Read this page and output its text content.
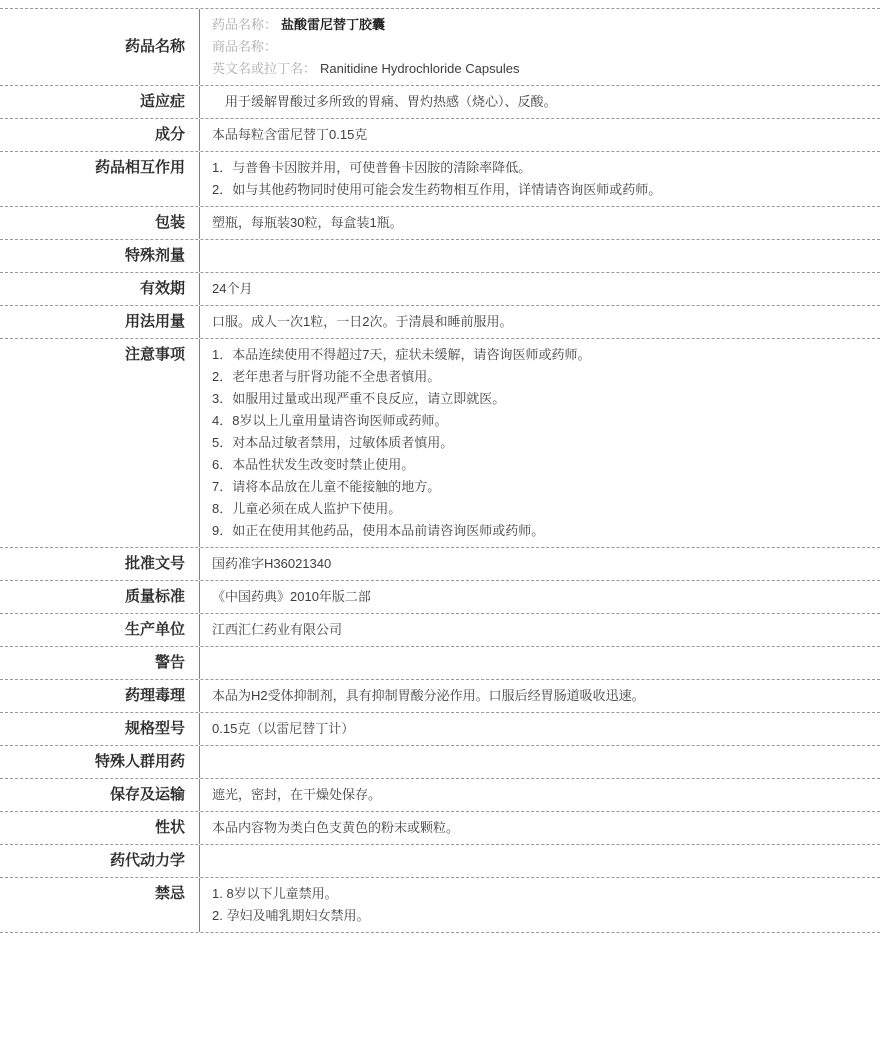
药品名称
药品名称： 盐酸雷尼替丁胶囊
商品名称：
英文名或拉丁名： Ranitidine Hydrochloride Capsules
适应症 　用于缓解胃酸过多所致的胃痛、胃灼热感（烧心）、反酸。
成分 本品每粒含雷尼替丁0.15克
药品相互作用 1．与普鲁卡因胺并用，可使普鲁卡因胺的清除率降低。
2．如与其他药物同时使用可能会发生药物相互作用，详情请咨询医师或药师。
包装 塑瓶，每瓶装30粒，每盒装1瓶。
特殊剂量
有效期 24个月
用法用量 口服。成人一次1粒，一日2次。于清晨和睡前服用。
注意事项 1．本品连续使用不得超过7天，症状未缓解，请咨询医师或药师。
2．老年患者与肝肾功能不全患者慎用。
3．如服用过量或出现严重不良反应，请立即就医。
4．8岁以上儿童用量请咨询医师或药师。
5．对本品过敏者禁用，过敏体质者慎用。
6．本品性状发生改变时禁止使用。
7．请将本品放在儿童不能接触的地方。
8．儿童必须在成人监护下使用。
9．如正在使用其他药品，使用本品前请咨询医师或药师。
批准文号 国药准字H36021340
质量标准 《中国药典》2010年版二部
生产单位 江西汇仁药业有限公司
警告
药理毒理 本品为H2受体抑制剂，具有抑制胃酸分泌作用。口服后经胃肠道吸收迅速。
规格型号 0.15克（以雷尼替丁计）
特殊人群用药
保存及运输 遮光，密封，在干燥处保存。
性状 本品内容物为类白色支黄色的粉末或颗粒。
药代动力学
禁忌 1. 8岁以下儿童禁用。
2. 孕妇及哺乳期妇女禁用。
